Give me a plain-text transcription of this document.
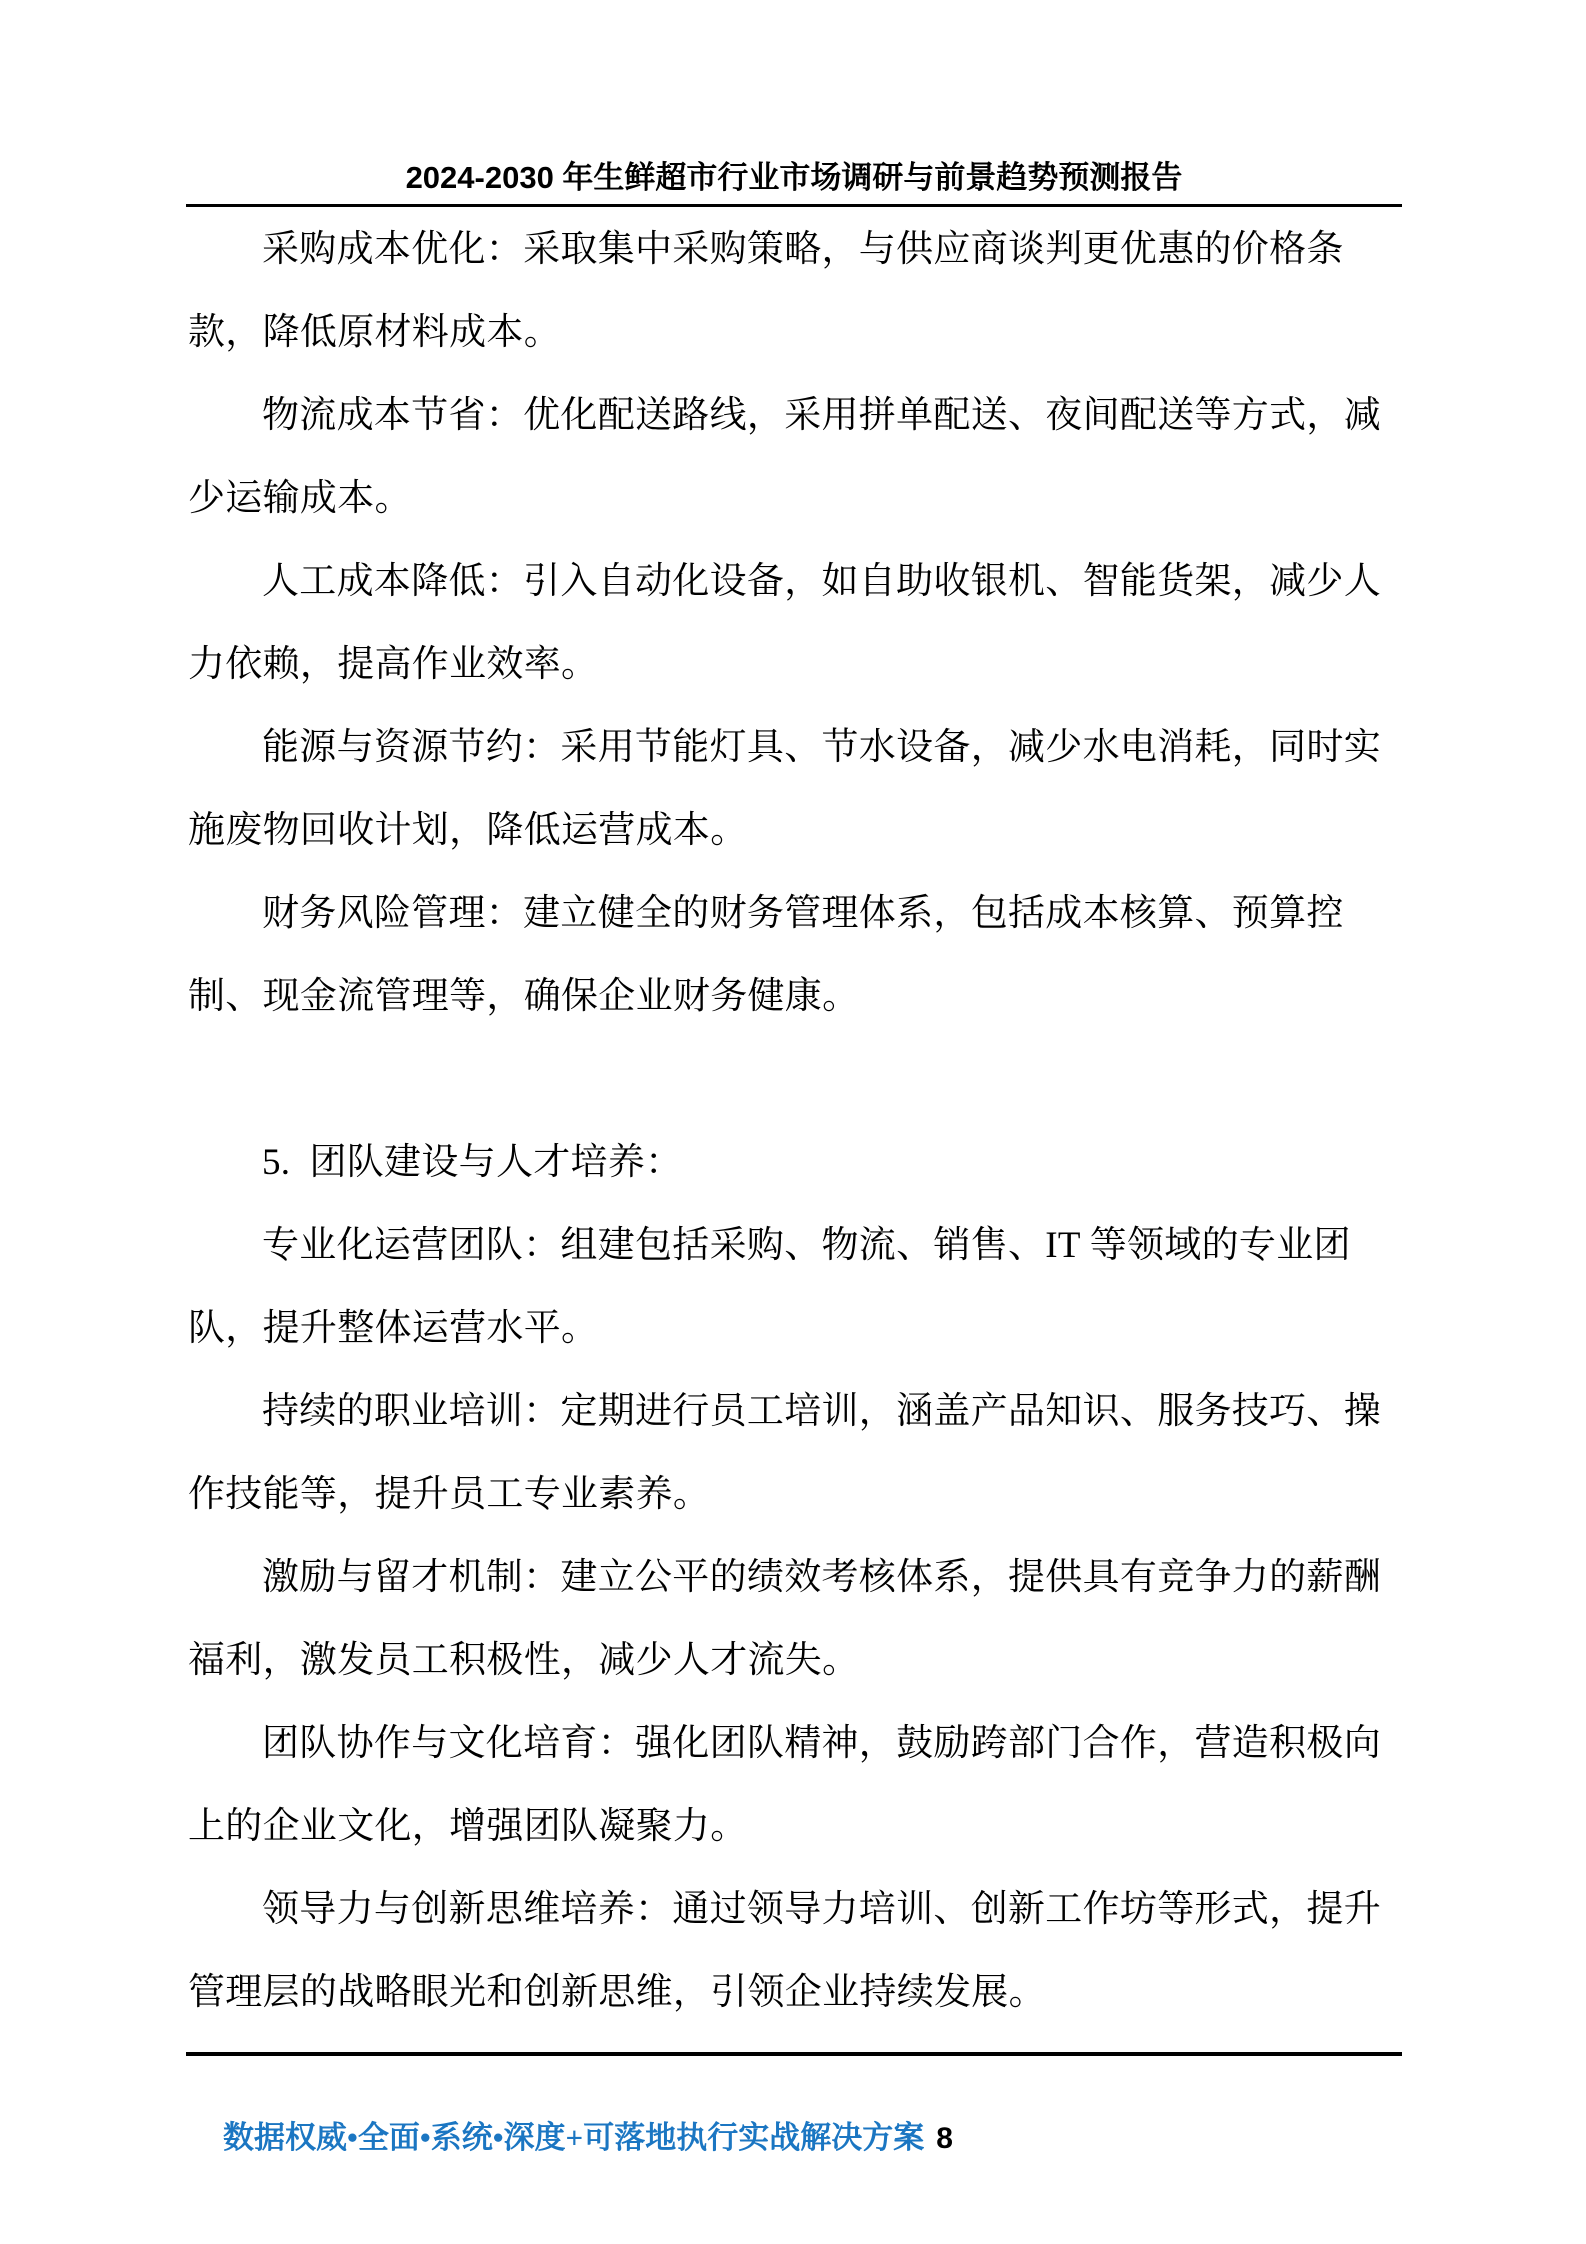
2024-2030 年生鲜超市行业市场调研与前景趋势预测报告
采购成本优化：采取集中采购策略，与供应商谈判更优惠的价格条
款，降低原材料成本。
物流成本节省：优化配送路线，采用拼单配送、夜间配送等方式，减
少运输成本。
人工成本降低：引入自动化设备，如自助收银机、智能货架，减少人
力依赖，提高作业效率。
能源与资源节约：采用节能灯具、节水设备，减少水电消耗，同时实
施废物回收计划，降低运营成本。
财务风险管理：建立健全的财务管理体系，包括成本核算、预算控
制、现金流管理等，确保企业财务健康。
5.  团队建设与人才培养：
专业化运营团队：组建包括采购、物流、销售、IT 等领域的专业团
队，提升整体运营水平。
持续的职业培训：定期进行员工培训，涵盖产品知识、服务技巧、操
作技能等，提升员工专业素养。
激励与留才机制：建立公平的绩效考核体系，提供具有竞争力的薪酬
福利，激发员工积极性，减少人才流失。
团队协作与文化培育：强化团队精神，鼓励跨部门合作，营造积极向
上的企业文化，增强团队凝聚力。
领导力与创新思维培养：通过领导力培训、创新工作坊等形式，提升
管理层的战略眼光和创新思维，引领企业持续发展。

数据权威•全面•系统•深度+可落地执行实战解决方案 8
